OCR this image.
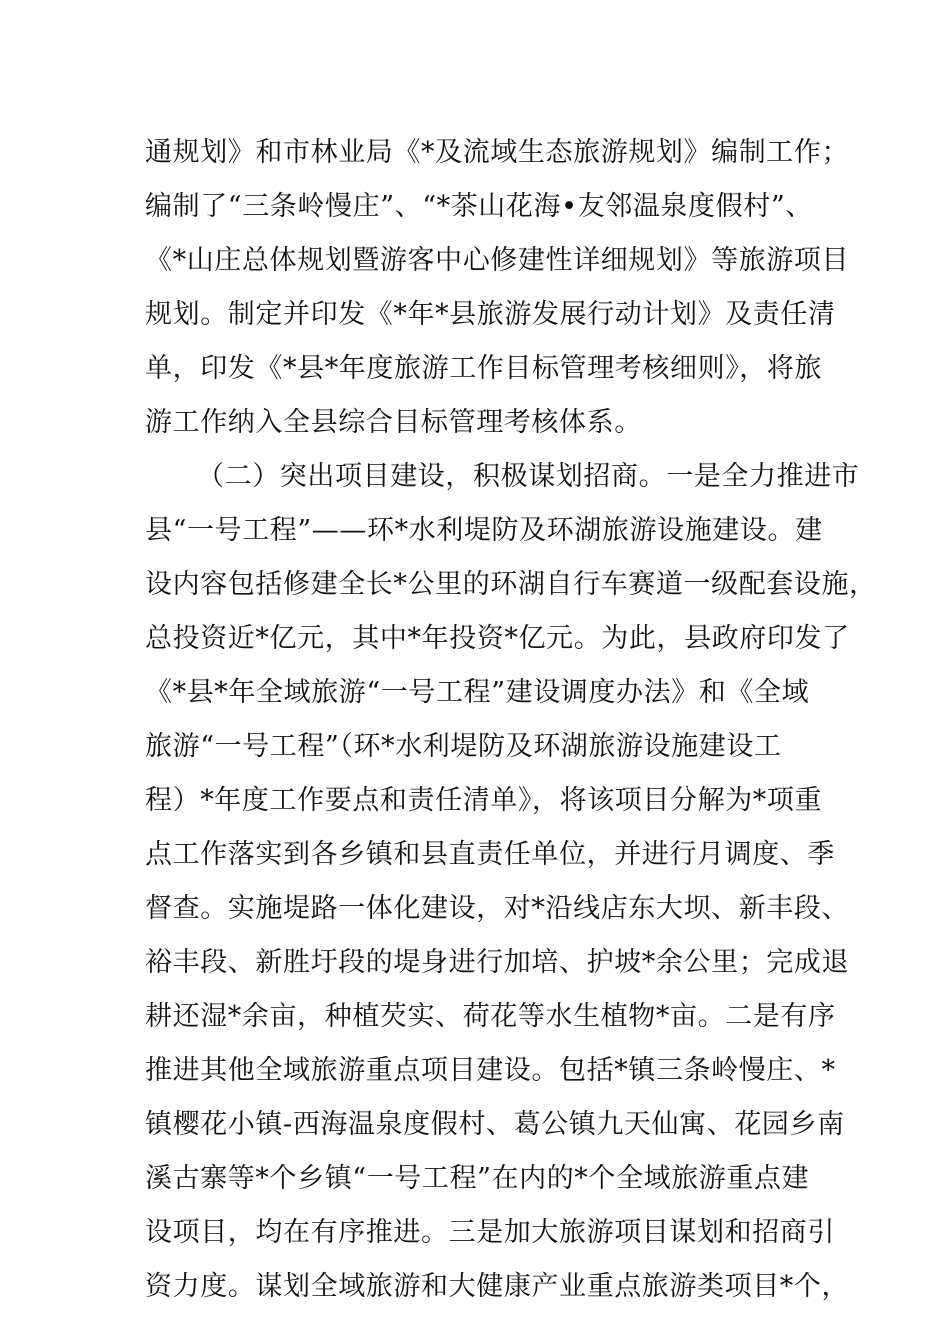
通规划》和市林业局《*及流域生态旅游规划》编制工作；
编制了“三条岭慢庄”、“*茶山花海•友邻温泉度假村”、
《*山庄总体规划暨游客中心修建性详细规划》等旅游项目
规划。制定并印发《*年*县旅游发展行动计划》及责任清
单，印发《*县*年度旅游工作目标管理考核细则》，将旅
游工作纳入全县综合目标管理考核体系。
（二）突出项目建设，积极谋划招商。一是全力推进市
县“一号工程”——环*水利堤防及环湖旅游设施建设。建
设内容包括修建全长*公里的环湖自行车赛道一级配套设施，
总投资近*亿元，其中*年投资*亿元。为此，县政府印发了
《*县*年全域旅游“一号工程”建设调度办法》和《全域
旅游“一号工程”（环*水利堤防及环湖旅游设施建设工
程）*年度工作要点和责任清单》，将该项目分解为*项重
点工作落实到各乡镇和县直责任单位，并进行月调度、季
督查。实施堤路一体化建设，对*沿线店东大坝、新丰段、
裕丰段、新胜圩段的堤身进行加培、护坡*余公里；完成退
耕还湿*余亩，种植芡实、荷花等水生植物*亩。二是有序
推进其他全域旅游重点项目建设。包括*镇三条岭慢庄、*
镇樱花小镇-西海温泉度假村、葛公镇九天仙寓、花园乡南
溪古寨等*个乡镇“一号工程”在内的*个全域旅游重点建
设项目，均在有序推进。三是加大旅游项目谋划和招商引
资力度。谋划全域旅游和大健康产业重点旅游类项目*个，
